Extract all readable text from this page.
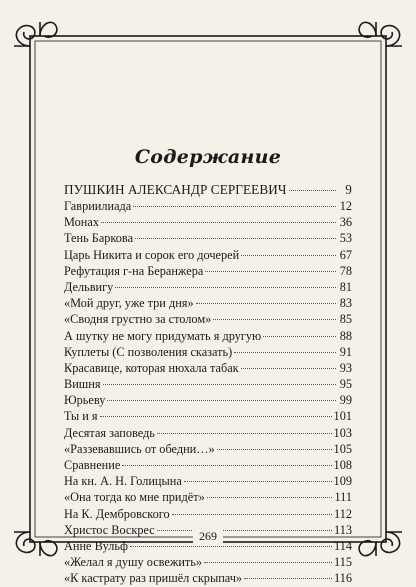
Содержание
ПУШКИН АЛЕКСАНДР СЕРГЕЕВИЧ	9
Гавриилиада	12
Монах	36
Тень Баркова	53
Царь Никита и сорок его дочерей	67
Рефутация г-на Беранжера	78
Дельвигу	81
«Мой друг, уже три дня»	83
«Сводня грустно за столом»	85
А шутку не могу придумать я другую	88
Куплеты (С позволения сказать)	91
Красавице, которая нюхала табак	93
Вишня	95
Юрьеву	99
Ты и я	101
Десятая заповедь	103
«Раззевавшись от обедни…»	105
Сравнение	108
На кн. А. Н. Голицына	109
«Она тогда ко мне придёт»	111
На К. Дембровского	112
Христос Воскрес	113
Анне Вульф	114
«Желал я душу освежить»	115
«К кастрату раз пришёл скрыпач»	116
269
